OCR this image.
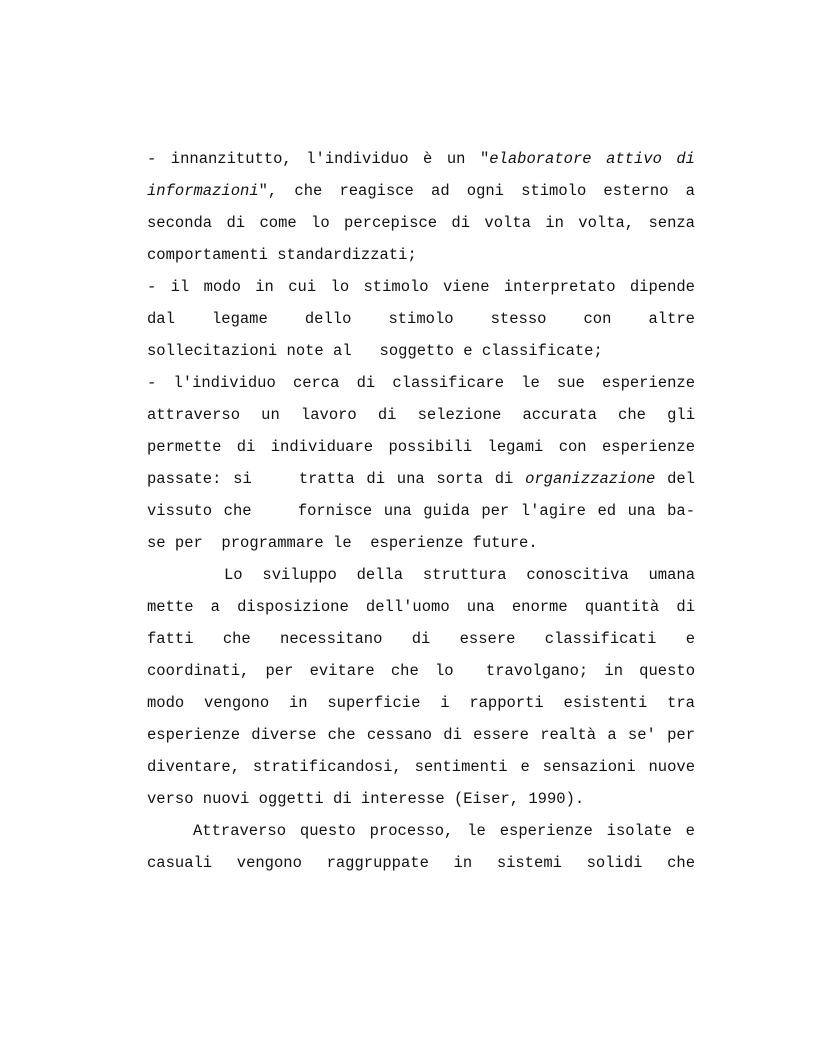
- innanzitutto, l'individuo è un "elaboratore attivo di
informazioni", che reagisce ad ogni stimolo esterno a
seconda di come lo percepisce di volta in volta, senza
comportamenti standardizzati;
- il modo in cui lo stimolo viene interpretato dipende
dal legame dello stimolo stesso con altre
sollecitazioni note al   soggetto e classificate;
- l'individuo cerca di classificare le sue esperienze
attraverso un lavoro di selezione accurata che gli
permette di individuare possibili legami con esperienze
passate: si    tratta di una sorta di organizzazione del
vissuto che    fornisce una guida per l'agire ed una ba-
se per  programmare le  esperienze future.
Lo sviluppo della struttura conoscitiva umana
mette a disposizione dell'uomo una enorme quantità di
fatti che necessitano di essere classificati e
coordinati, per evitare che lo  travolgano; in questo
modo vengono in superficie i rapporti esistenti tra
esperienze diverse che cessano di essere realtà a se' per
diventare, stratificandosi, sentimenti e sensazioni nuove
verso nuovi oggetti di interesse (Eiser, 1990).
Attraverso questo processo, le esperienze isolate e
casuali vengono raggruppate in sistemi solidi che
